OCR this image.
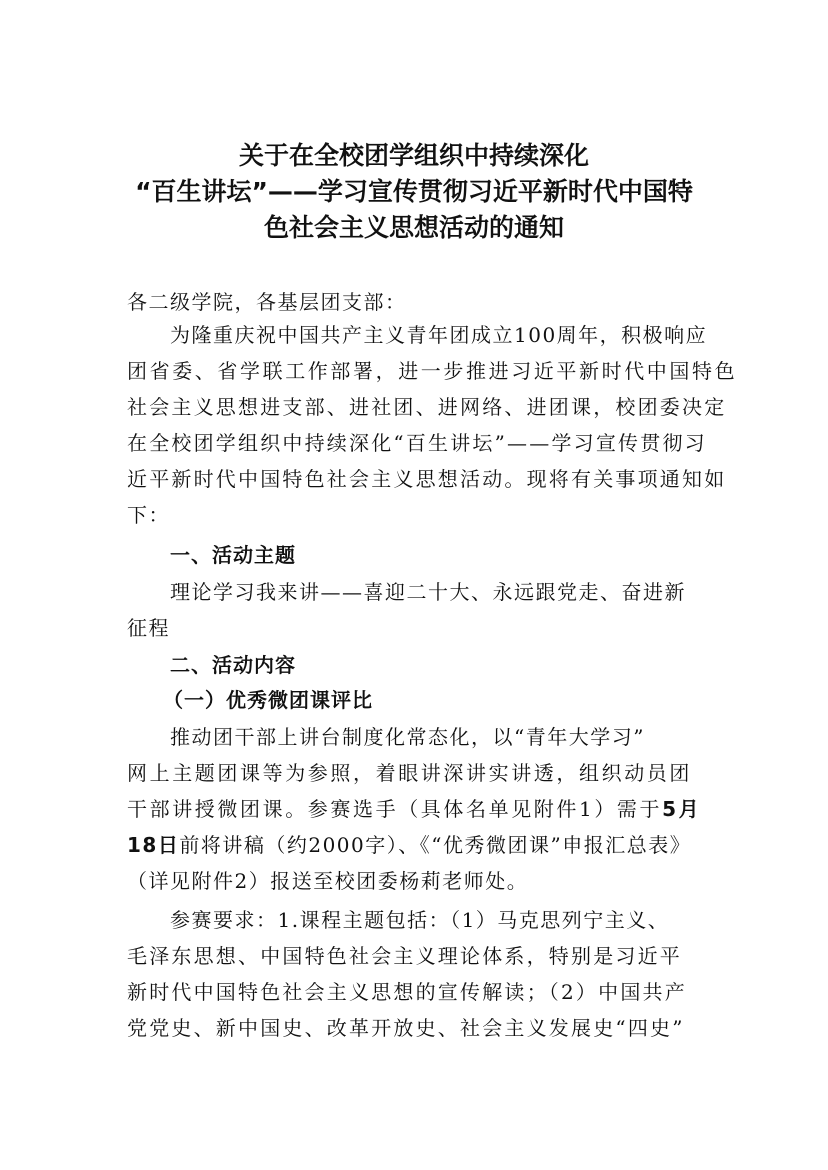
关于在全校团学组织中持续深化
“百生讲坛”——学习宣传贯彻习近平新时代中国特
色社会主义思想活动的通知
各二级学院，各基层团支部：
为隆重庆祝中国共产主义青年团成立100周年，积极响应
团省委、省学联工作部署，进一步推进习近平新时代中国特色
社会主义思想进支部、进社团、进网络、进团课，校团委决定
在全校团学组织中持续深化“百生讲坛”——学习宣传贯彻习
近平新时代中国特色社会主义思想活动。现将有关事项通知如
下：
一、活动主题
理论学习我来讲——喜迎二十大、永远跟党走、奋进新
征程
二、活动内容
（一）优秀微团课评比
推动团干部上讲台制度化常态化，以“青年大学习”
网上主题团课等为参照，着眼讲深讲实讲透，组织动员团
干部讲授微团课。参赛选手（具体名单见附件1）需于5月
18日前将讲稿（约2000字）、《“优秀微团课”申报汇总表》
（详见附件2）报送至校团委杨莉老师处。
参赛要求：1.课程主题包括：（1）马克思列宁主义、
毛泽东思想、中国特色社会主义理论体系，特别是习近平
新时代中国特色社会主义思想的宣传解读；（2）中国共产
党党史、新中国史、改革开放史、社会主义发展史“四史”
